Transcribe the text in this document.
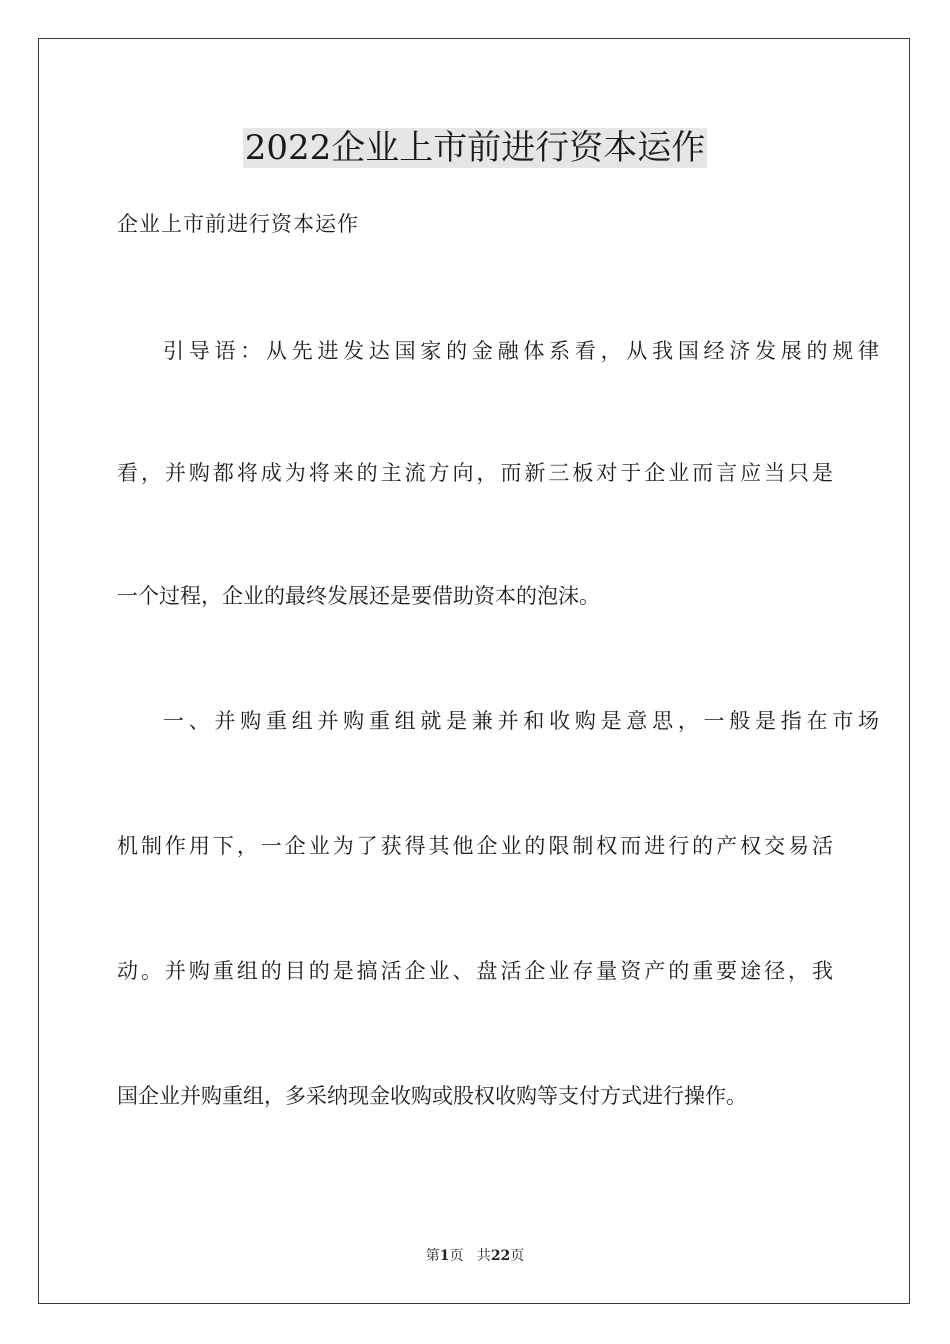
2022企业上市前进行资本运作

企业上市前进行资本运作

引导语：从先进发达国家的金融体系看，从我国经济发展的规律

看，并购都将成为将来的主流方向，而新三板对于企业而言应当只是

一个过程，企业的最终发展还是要借助资本的泡沫。

一、并购重组并购重组就是兼并和收购是意思，一般是指在市场

机制作用下，一企业为了获得其他企业的限制权而进行的产权交易活

动。并购重组的目的是搞活企业、盘活企业存量资产的重要途径，我

国企业并购重组，多采纳现金收购或股权收购等支付方式进行操作。

第1页 共22页
